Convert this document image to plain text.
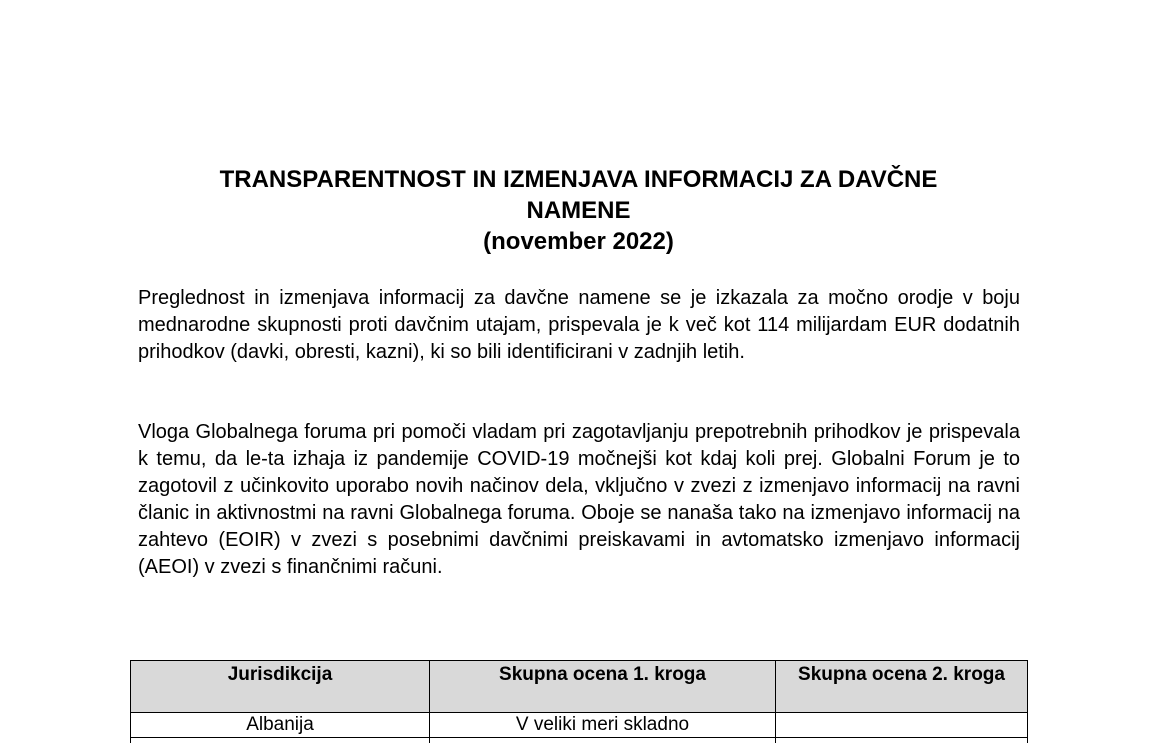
TRANSPARENTNOST IN IZMENJAVA INFORMACIJ ZA DAVČNE
NAMENE
(november 2022)

Preglednost in izmenjava informacij za davčne namene se je izkazala za močno orodje v boju mednarodne skupnosti proti davčnim utajam, prispevala je k več kot 114 milijardam EUR dodatnih prihodkov (davki, obresti, kazni), ki so bili identificirani v zadnjih letih.

Vloga Globalnega foruma pri pomoči vladam pri zagotavljanju prepotrebnih prihodkov je prispevala k temu, da le-ta izhaja iz pandemije COVID-19 močnejši kot kdaj koli prej. Globalni Forum je to zagotovil z učinkovito uporabo novih načinov dela, vključno v zvezi z izmenjavo informacij na ravni članic in aktivnostmi na ravni Globalnega foruma. Oboje se nanaša tako na izmenjavo informacij na zahtevo (EOIR) v zvezi s posebnimi davčnimi preiskavami in avtomatsko izmenjavo informacij (AEOI) v zvezi s finančnimi računi.

Jurisdikcija	Skupna ocena 1. kroga	Skupna ocena 2. kroga
Albanija	V veliki meri skladno	
